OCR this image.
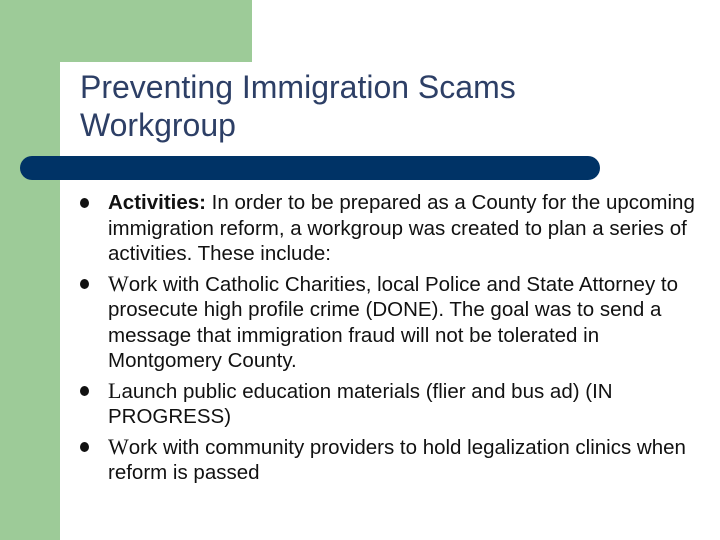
Preventing Immigration Scams
Workgroup
Activities: In order to be prepared as a County for the upcoming immigration reform, a workgroup was created to plan a series of activities. These include:
Work with Catholic Charities, local Police and State Attorney to prosecute high profile crime (DONE). The goal was to send a message that immigration fraud will not be tolerated in Montgomery County.
Launch public education materials (flier and bus ad) (IN PROGRESS)
Work with community providers to hold legalization clinics when reform is passed
